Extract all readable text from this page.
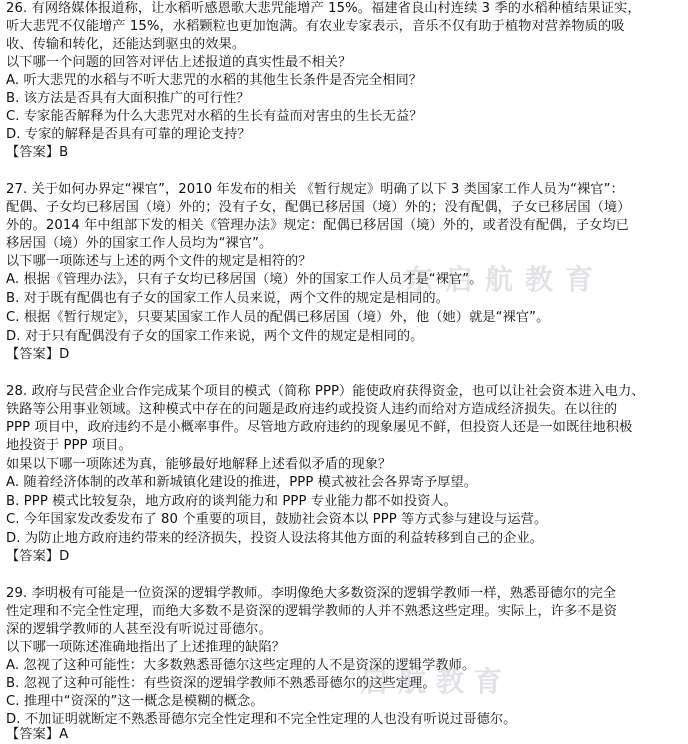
26. 有网络媒体报道称，让水稻听感恩歌大悲咒能增产 15%。福建省良山村连续 3 季的水稻种植结果证实，
听大悲咒不仅能增产 15%，水稻颗粒也更加饱满。有农业专家表示，音乐不仅有助于植物对营养物质的吸
收、传输和转化，还能达到驱虫的效果。
以下哪一个问题的回答对评估上述报道的真实性最不相关？
A. 听大悲咒的水稻与不听大悲咒的水稻的其他生长条件是否完全相同？
B. 该方法是否具有大面积推广的可行性？
C. 专家能否解释为什么大悲咒对水稻的生长有益而对害虫的生长无益？
D. 专家的解释是否具有可靠的理论支持？
【答案】B
27. 关于如何办界定“裸官”，2010 年发布的相关 《暂行规定》明确了以下 3 类国家工作人员为“裸官”：
配偶、子女均已移居国（境）外的；没有子女，配偶已移居国（境）外的；没有配偶，子女已移居国（境）
外的。2014 年中组部下发的相关《管理办法》规定：配偶已移居国（境）外的，或者没有配偶，子女均已
移居国（境）外的国家工作人员均为“裸官”。
以下哪一项陈述与上述的两个文件的规定是相符的？
A. 根据《管理办法》，只有子女均已移居国（境）外的国家工作人员才是“裸官”。
B. 对于既有配偶也有子女的国家工作人员来说，两个文件的规定是相同的。
C. 根据《暂行规定》，只要某国家工作人员的配偶已移居国（境）外，他（她）就是“裸官”。
D. 对于只有配偶没有子女的国家工作来说，两个文件的规定是相同的。
【答案】D
28. 政府与民营企业合作完成某个项目的模式（简称 PPP）能使政府获得资金，也可以让社会资本进入电力、
铁路等公用事业领域。这种模式中存在的问题是政府违约或投资人违约而给对方造成经济损失。在以往的
PPP 项目中，政府违约不是小概率事件。尽管地方政府违约的现象屡见不鲜，但投资人还是一如既往地积极
地投资于 PPP 项目。
如果以下哪一项陈述为真，能够最好地解释上述看似矛盾的现象？
A. 随着经济体制的改革和新城镇化建设的推进，PPP 模式被社会各界寄予厚望。
B. PPP 模式比较复杂，地方政府的谈判能力和 PPP 专业能力都不如投资人。
C. 今年国家发改委发布了 80 个重要的项目，鼓励社会资本以 PPP 等方式参与建设与运营。
D. 为防止地方政府违约带来的经济损失，投资人设法将其他方面的利益转移到自己的企业。
【答案】D
29. 李明极有可能是一位资深的逻辑学教师。李明像绝大多数资深的逻辑学教师一样，熟悉哥德尔的完全
性定理和不完全性定理，而绝大多数不是资深的逻辑学教师的人并不熟悉这些定理。实际上，许多不是资
深的逻辑学教师的人甚至没有听说过哥德尔。
以下哪一项陈述准确地指出了上述推理的缺陷？
A. 忽视了这种可能性：大多数熟悉哥德尔这些定理的人不是资深的逻辑学教师。
B. 忽视了这种可能性：有些资深的逻辑学教师不熟悉哥德尔的这些定理。
C. 推理中“资深的”这一概念是模糊的概念。
D. 不加证明就断定不熟悉哥德尔完全性定理和不完全性定理的人也没有听说过哥德尔。
【答案】A
东启航教育
启航教育
